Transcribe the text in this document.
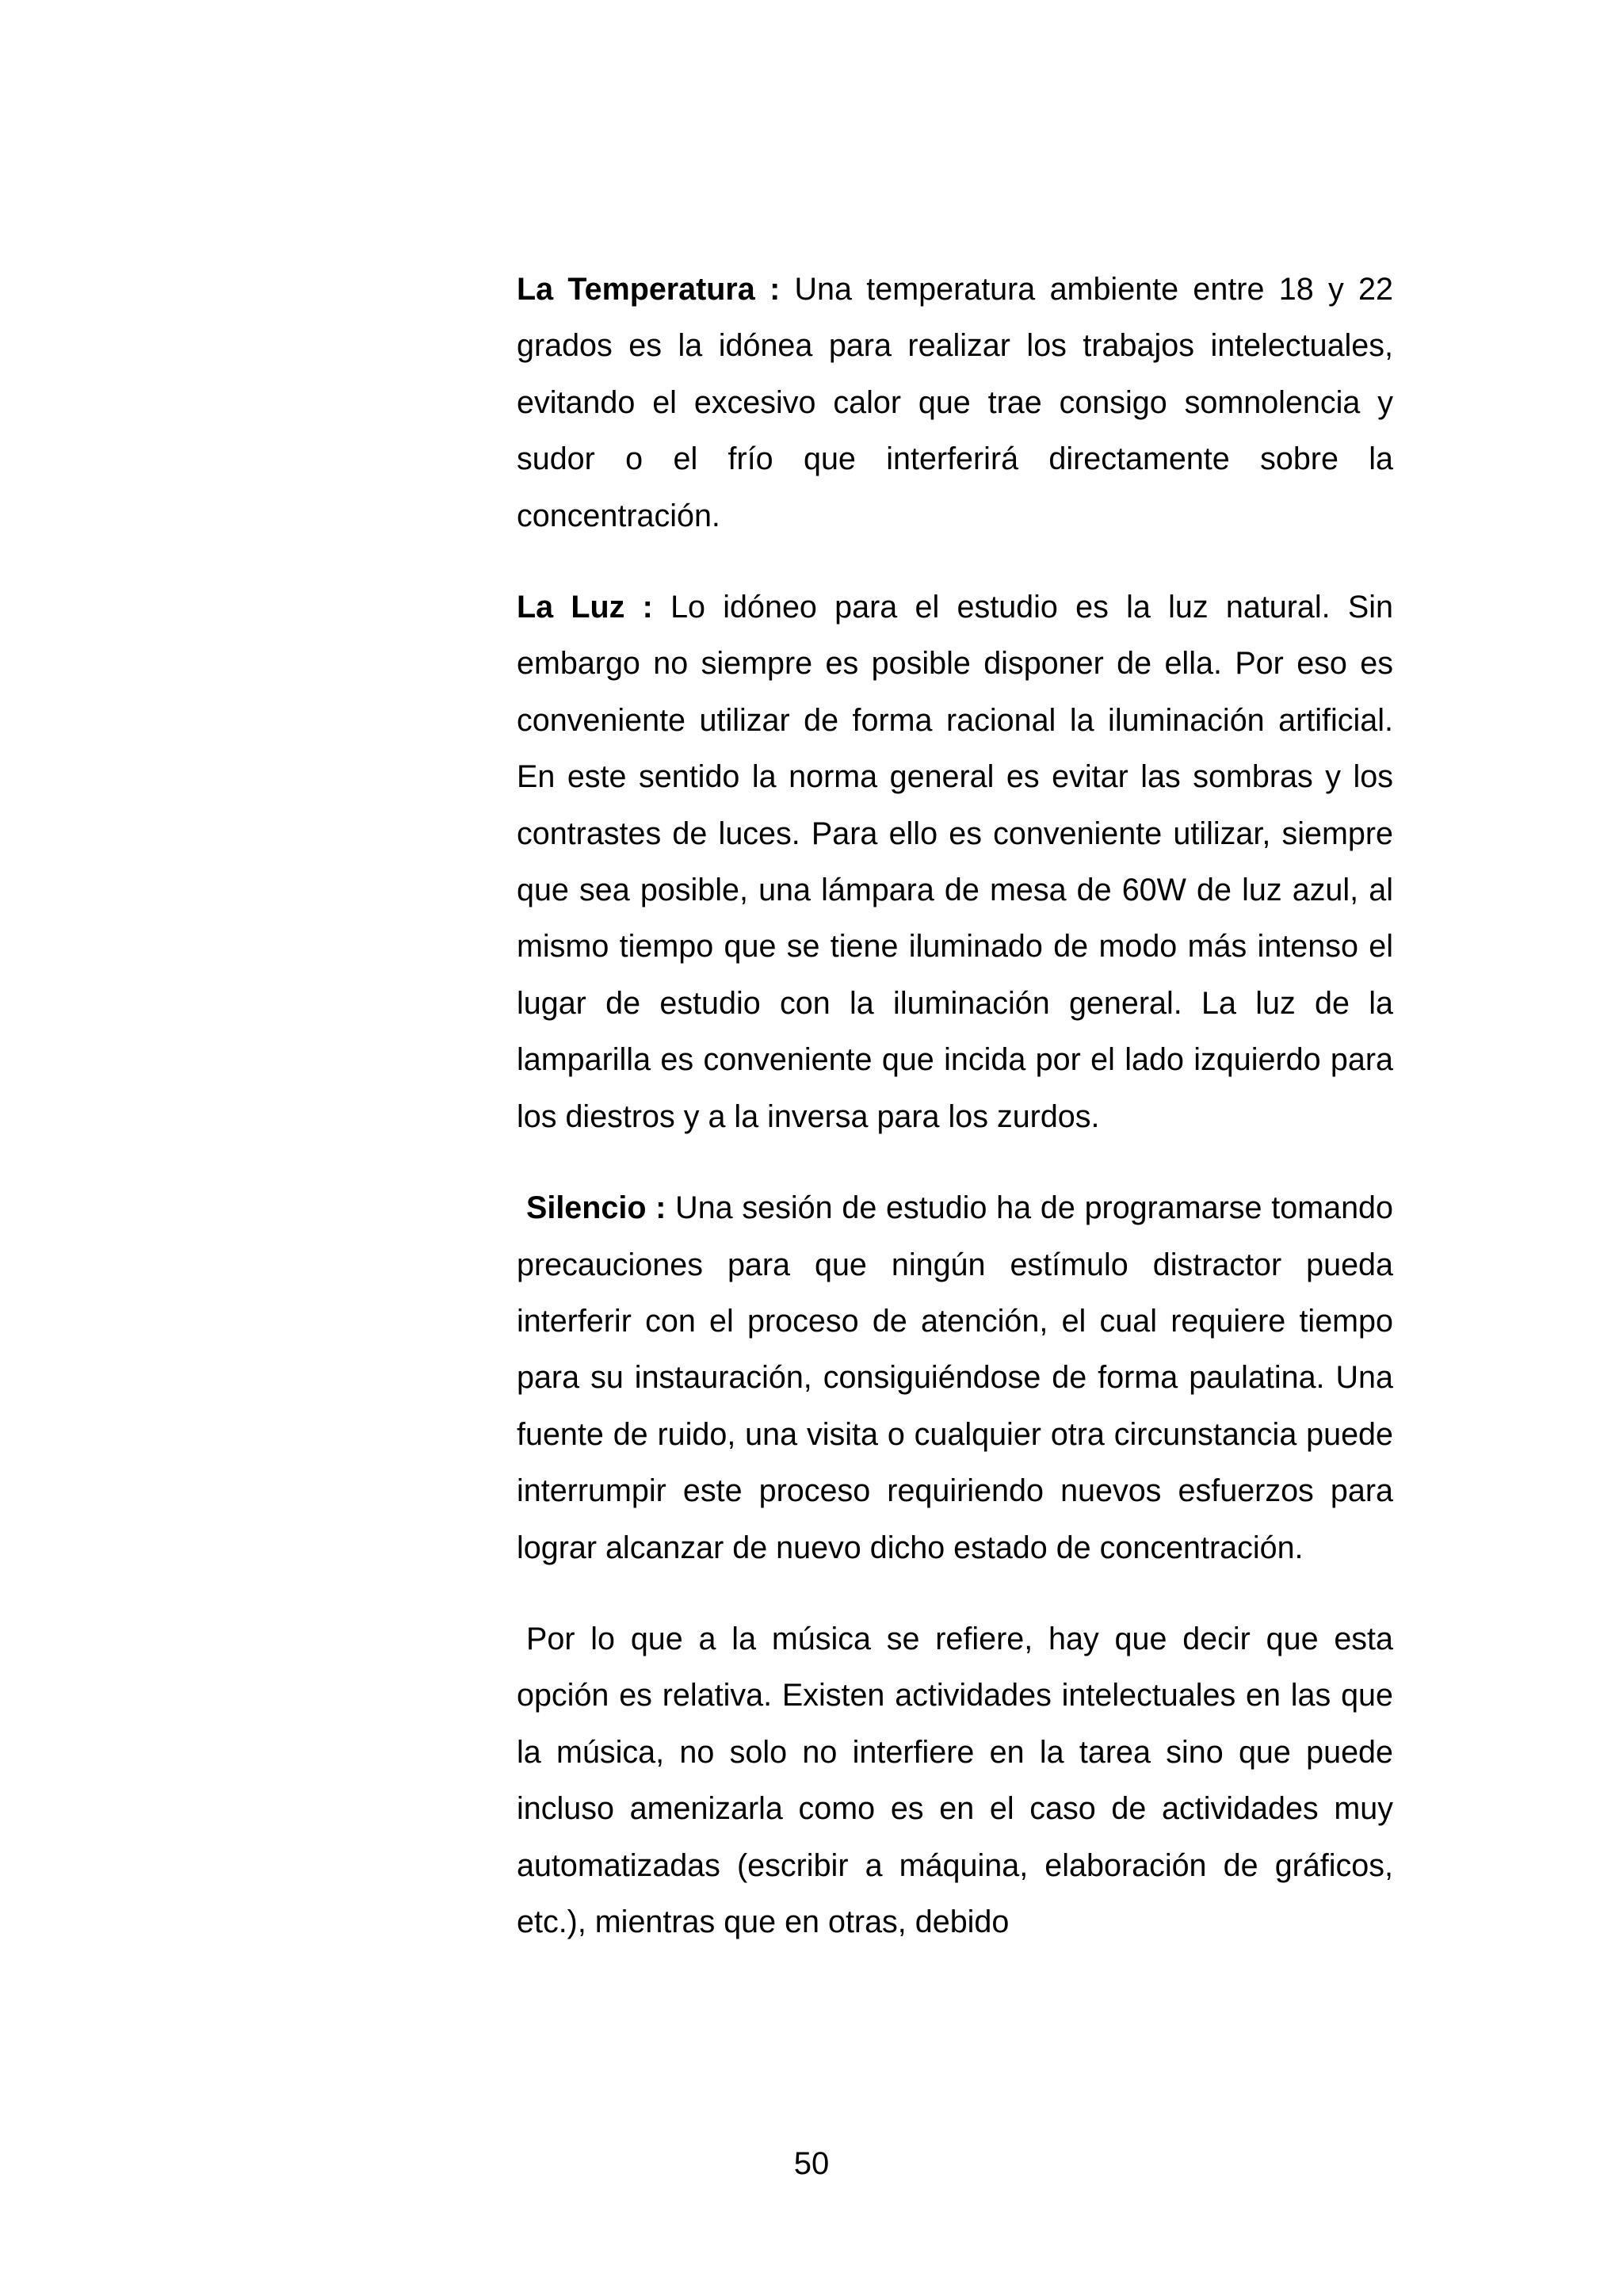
La Temperatura : Una temperatura ambiente entre 18 y 22 grados es la idónea para realizar los trabajos intelectuales, evitando el excesivo calor que trae consigo somnolencia y sudor o el frío que interferirá directamente sobre la concentración.

La Luz : Lo idóneo para el estudio es la luz natural. Sin embargo no siempre es posible disponer de ella. Por eso es conveniente utilizar de forma racional la iluminación artificial. En este sentido la norma general es evitar las sombras y los contrastes de luces. Para ello es conveniente utilizar, siempre que sea posible, una lámpara de mesa de 60W de luz azul, al mismo tiempo que se tiene iluminado de modo más intenso el lugar de estudio con la iluminación general. La luz de la lamparilla es conveniente que incida por el lado izquierdo para los diestros y a la inversa para los zurdos.

Silencio : Una sesión de estudio ha de programarse tomando precauciones para que ningún estímulo distractor pueda interferir con el proceso de atención, el cual requiere tiempo para su instauración, consiguiéndose de forma paulatina. Una fuente de ruido, una visita o cualquier otra circunstancia puede interrumpir este proceso requiriendo nuevos esfuerzos para lograr alcanzar de nuevo dicho estado de concentración.

Por lo que a la música se refiere, hay que decir que esta opción es relativa. Existen actividades intelectuales en las que la música, no solo no interfiere en la tarea sino que puede incluso amenizarla como es en el caso de actividades muy automatizadas (escribir a máquina, elaboración de gráficos, etc.), mientras que en otras, debido

50
